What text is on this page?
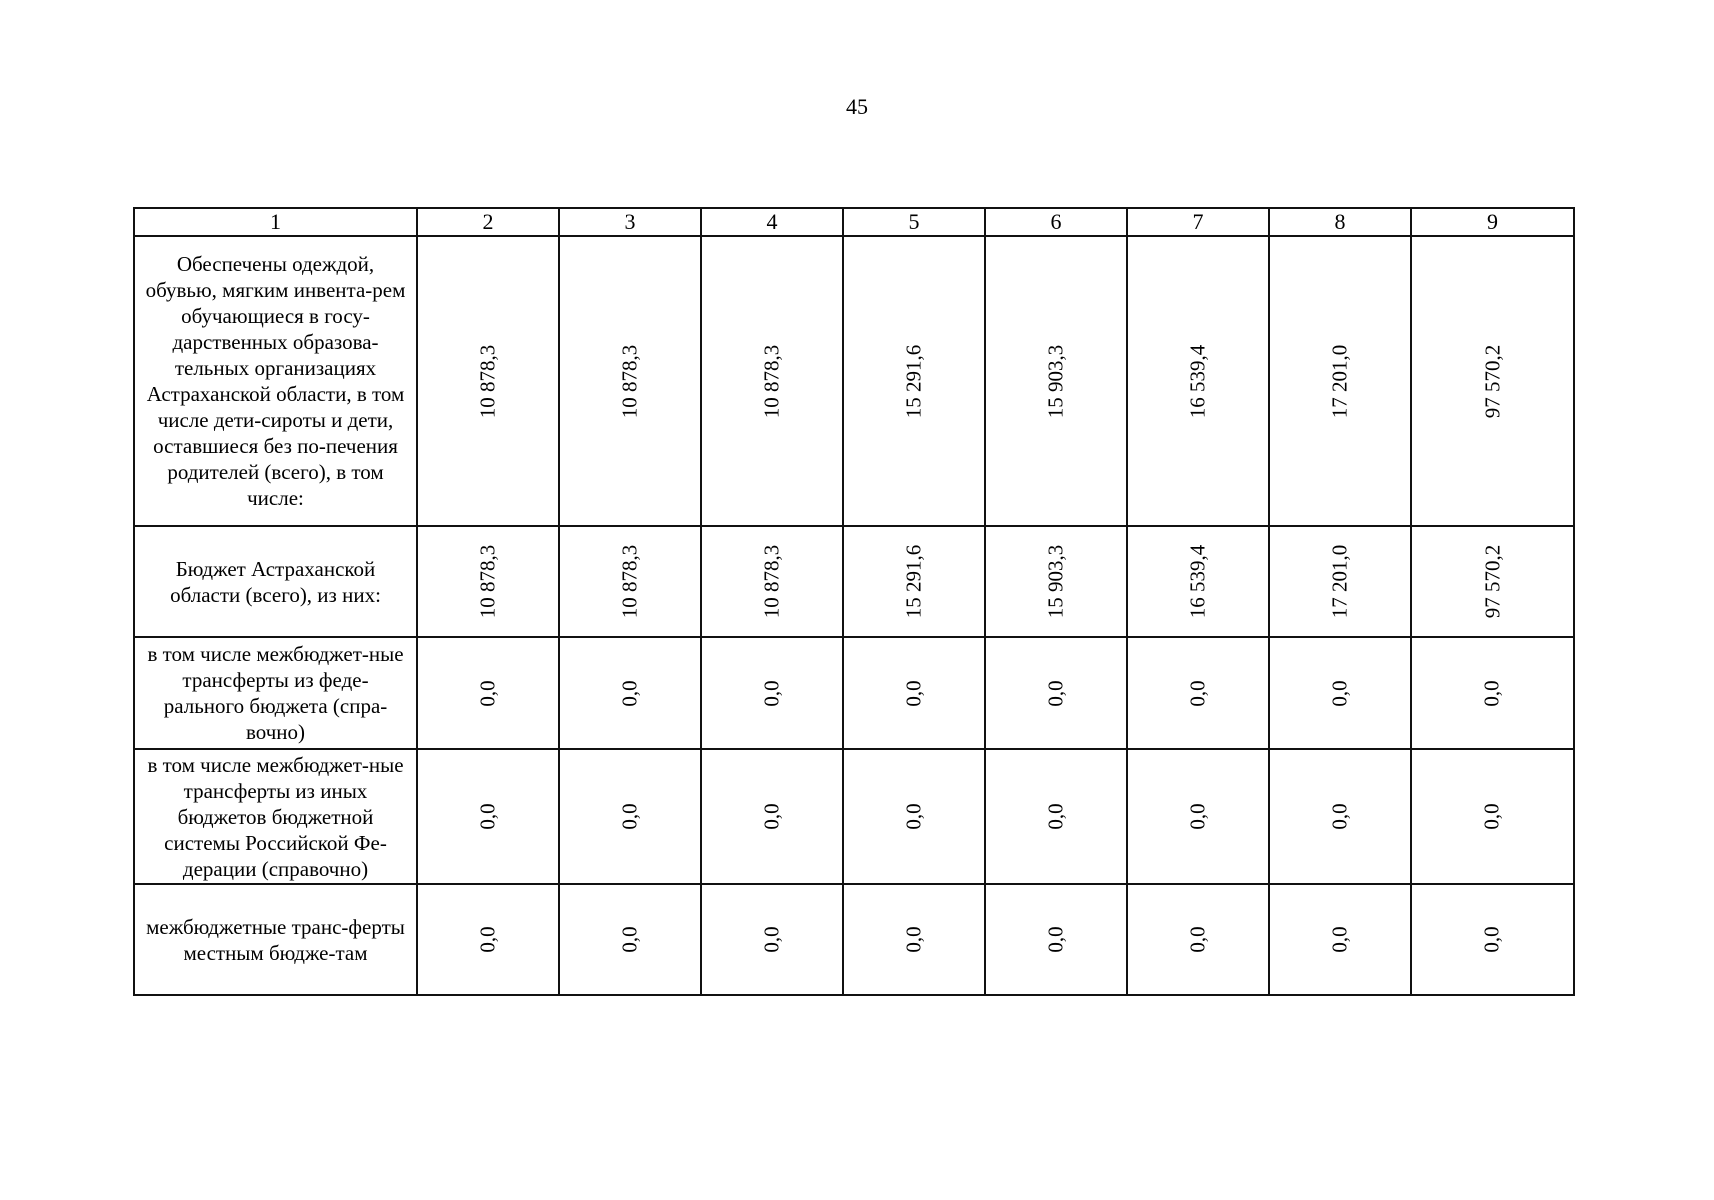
45
1	2	3	4	5	6	7	8	9
Обеспечены одеждой, обувью, мягким инвента-рем обучающиеся в госу-дарственных образова-тельных организациях Астраханской области, в том числе дети-сироты и дети, оставшиеся без по-печения родителей (всего), в том числе:	10 878,3	10 878,3	10 878,3	15 291,6	15 903,3	16 539,4	17 201,0	97 570,2
Бюджет Астраханской области (всего), из них:	10 878,3	10 878,3	10 878,3	15 291,6	15 903,3	16 539,4	17 201,0	97 570,2
в том числе межбюджет-ные трансферты из феде-рального бюджета (спра-вочно)	0,0	0,0	0,0	0,0	0,0	0,0	0,0	0,0
в том числе межбюджет-ные трансферты из иных бюджетов бюджетной системы Российской Фе-дерации (справочно)	0,0	0,0	0,0	0,0	0,0	0,0	0,0	0,0
межбюджетные транс-ферты местным бюдже-там	0,0	0,0	0,0	0,0	0,0	0,0	0,0	0,0
